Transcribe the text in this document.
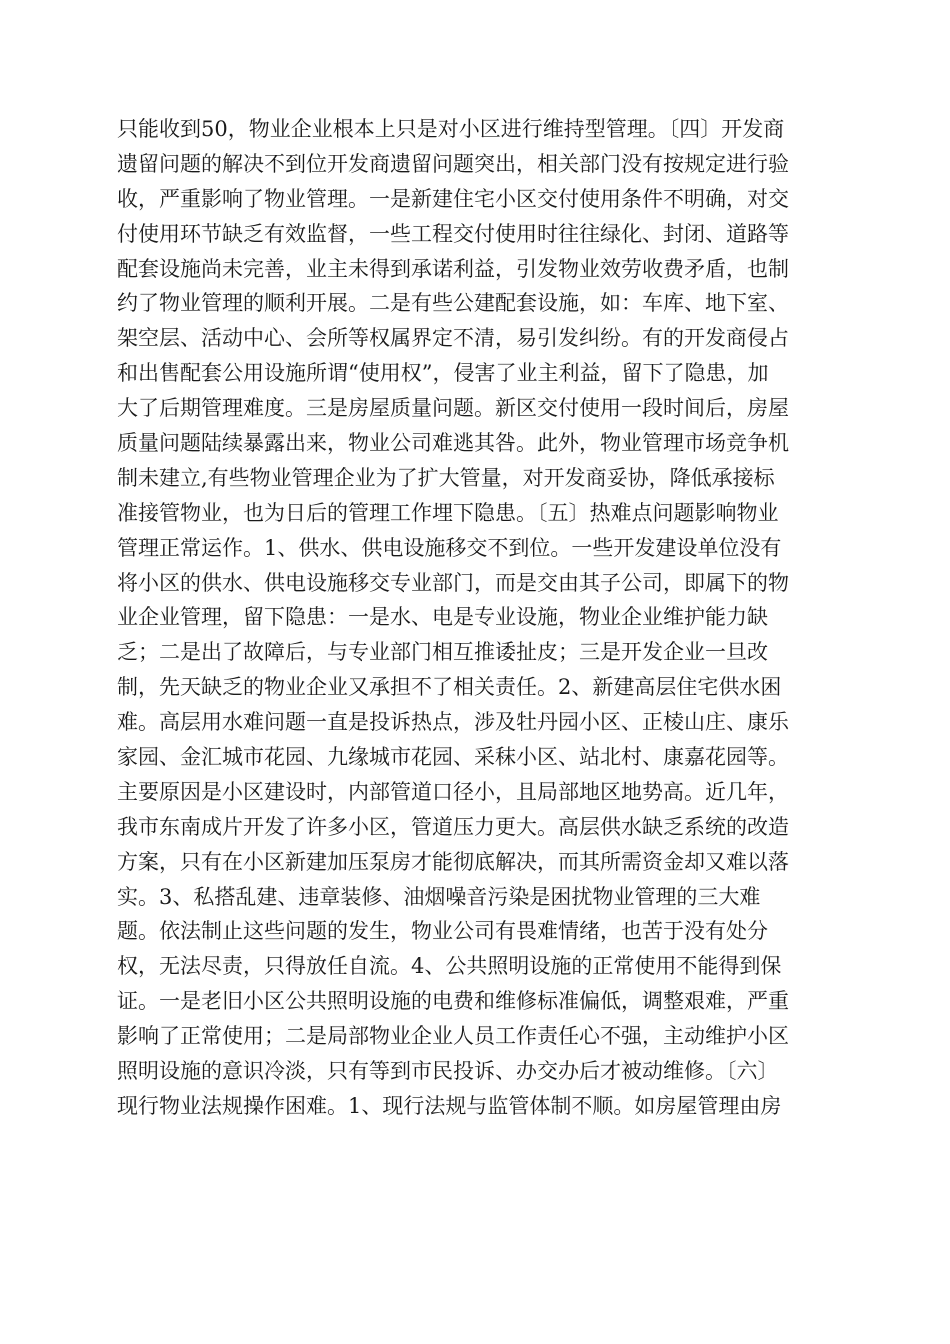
只能收到50，物业企业根本上只是对小区进行维持型管理。〔四〕开发商
遗留问题的解决不到位开发商遗留问题突出，相关部门没有按规定进行验
收，严重影响了物业管理。一是新建住宅小区交付使用条件不明确，对交
付使用环节缺乏有效监督，一些工程交付使用时往往绿化、封闭、道路等
配套设施尚未完善，业主未得到承诺利益，引发物业效劳收费矛盾，也制
约了物业管理的顺利开展。二是有些公建配套设施，如：车库、地下室、
架空层、活动中心、会所等权属界定不清，易引发纠纷。有的开发商侵占
和出售配套公用设施所谓“使用权”，侵害了业主利益，留下了隐患，加
大了后期管理难度。三是房屋质量问题。新区交付使用一段时间后，房屋
质量问题陆续暴露出来，物业公司难逃其咎。此外，物业管理市场竞争机
制未建立,有些物业管理企业为了扩大管量，对开发商妥协，降低承接标
准接管物业，也为日后的管理工作埋下隐患。〔五〕热难点问题影响物业
管理正常运作。1、供水、供电设施移交不到位。一些开发建设单位没有
将小区的供水、供电设施移交专业部门，而是交由其子公司，即属下的物
业企业管理，留下隐患：一是水、电是专业设施，物业企业维护能力缺
乏；二是出了故障后，与专业部门相互推诿扯皮；三是开发企业一旦改
制，先天缺乏的物业企业又承担不了相关责任。2、新建高层住宅供水困
难。高层用水难问题一直是投诉热点，涉及牡丹园小区、正棱山庄、康乐
家园、金汇城市花园、九缘城市花园、采秣小区、站北村、康嘉花园等。
主要原因是小区建设时，内部管道口径小，且局部地区地势高。近几年，
我市东南成片开发了许多小区，管道压力更大。高层供水缺乏系统的改造
方案，只有在小区新建加压泵房才能彻底解决，而其所需资金却又难以落
实。3、私搭乱建、违章装修、油烟噪音污染是困扰物业管理的三大难
题。依法制止这些问题的发生，物业公司有畏难情绪，也苦于没有处分
权，无法尽责，只得放任自流。4、公共照明设施的正常使用不能得到保
证。一是老旧小区公共照明设施的电费和维修标准偏低，调整艰难，严重
影响了正常使用；二是局部物业企业人员工作责任心不强，主动维护小区
照明设施的意识冷淡，只有等到市民投诉、办交办后才被动维修。〔六〕
现行物业法规操作困难。1、现行法规与监管体制不顺。如房屋管理由房
